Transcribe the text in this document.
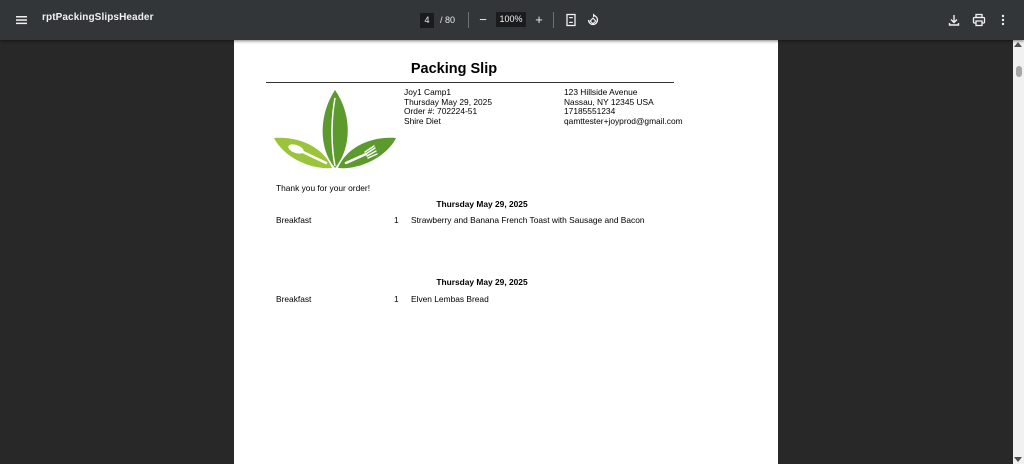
rptPackingSlipsHeader	4	/ 80 −	100% +
Packing Slip
Joy1 Camp1
Thursday May 29, 2025
Order #: 702224-51
Shire Diet
123 Hillside Avenue
Nassau, NY 12345 USA
17185551234
qamttester+joyprod@gmail.com
Thank you for your order!
Thursday May 29, 2025
Breakfast	1 Strawberry and Banana French Toast with Sausage and Bacon
Thursday May 29, 2025
Breakfast	1 Elven Lembas Bread
